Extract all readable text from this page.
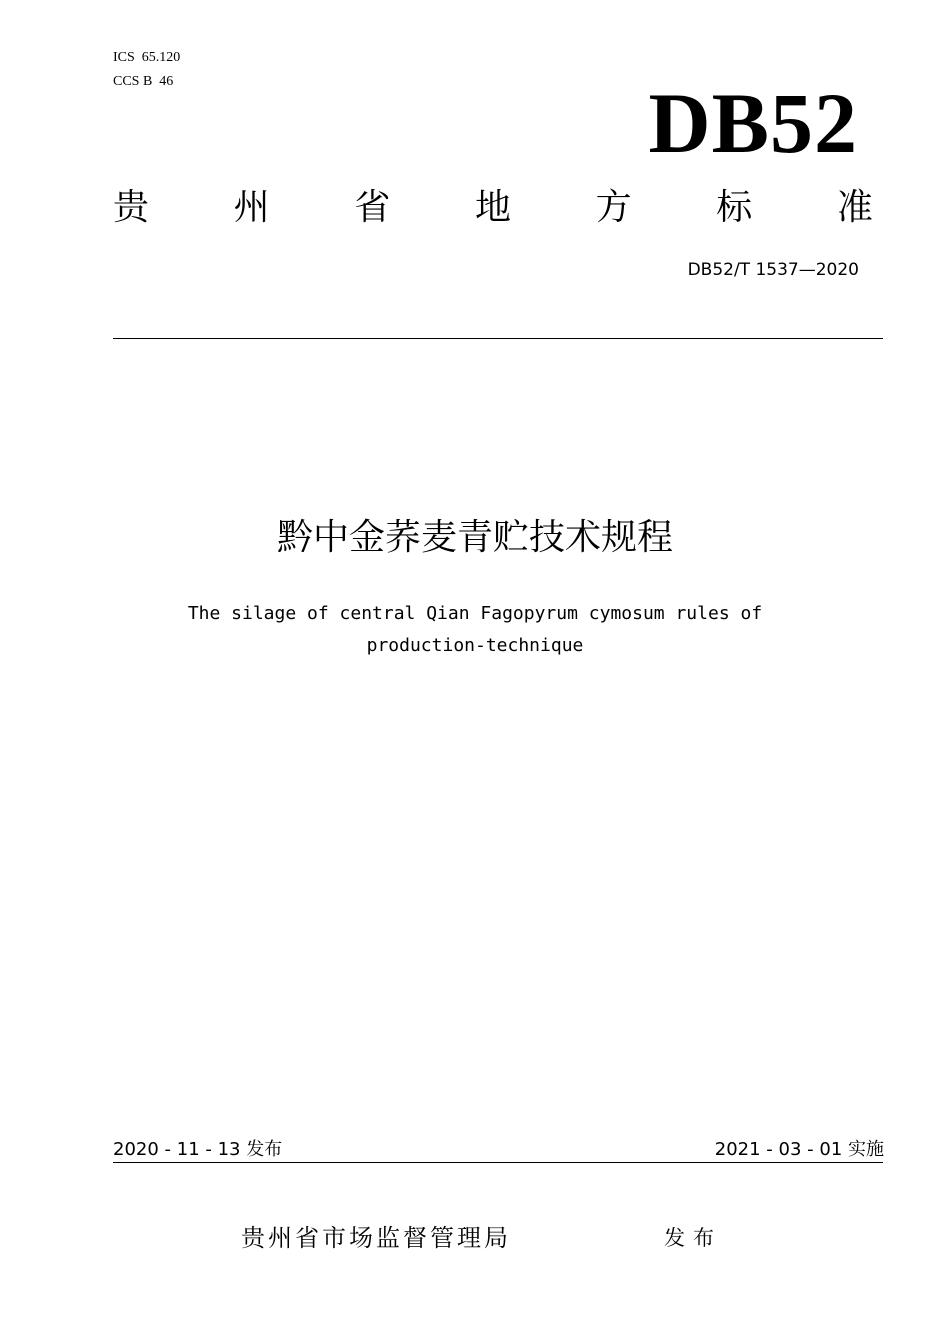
ICS  65.120
CCS B  46	DB52
贵 州 省 地 方 标 准
DB52/T 1537—2020
黔中金荞麦青贮技术规程
The silage of central Qian Fagopyrum cymosum rules of
production-technique
2020 - 11 - 13 发布	2021 - 03 - 01 实施
贵州省市场监督管理局	发布
